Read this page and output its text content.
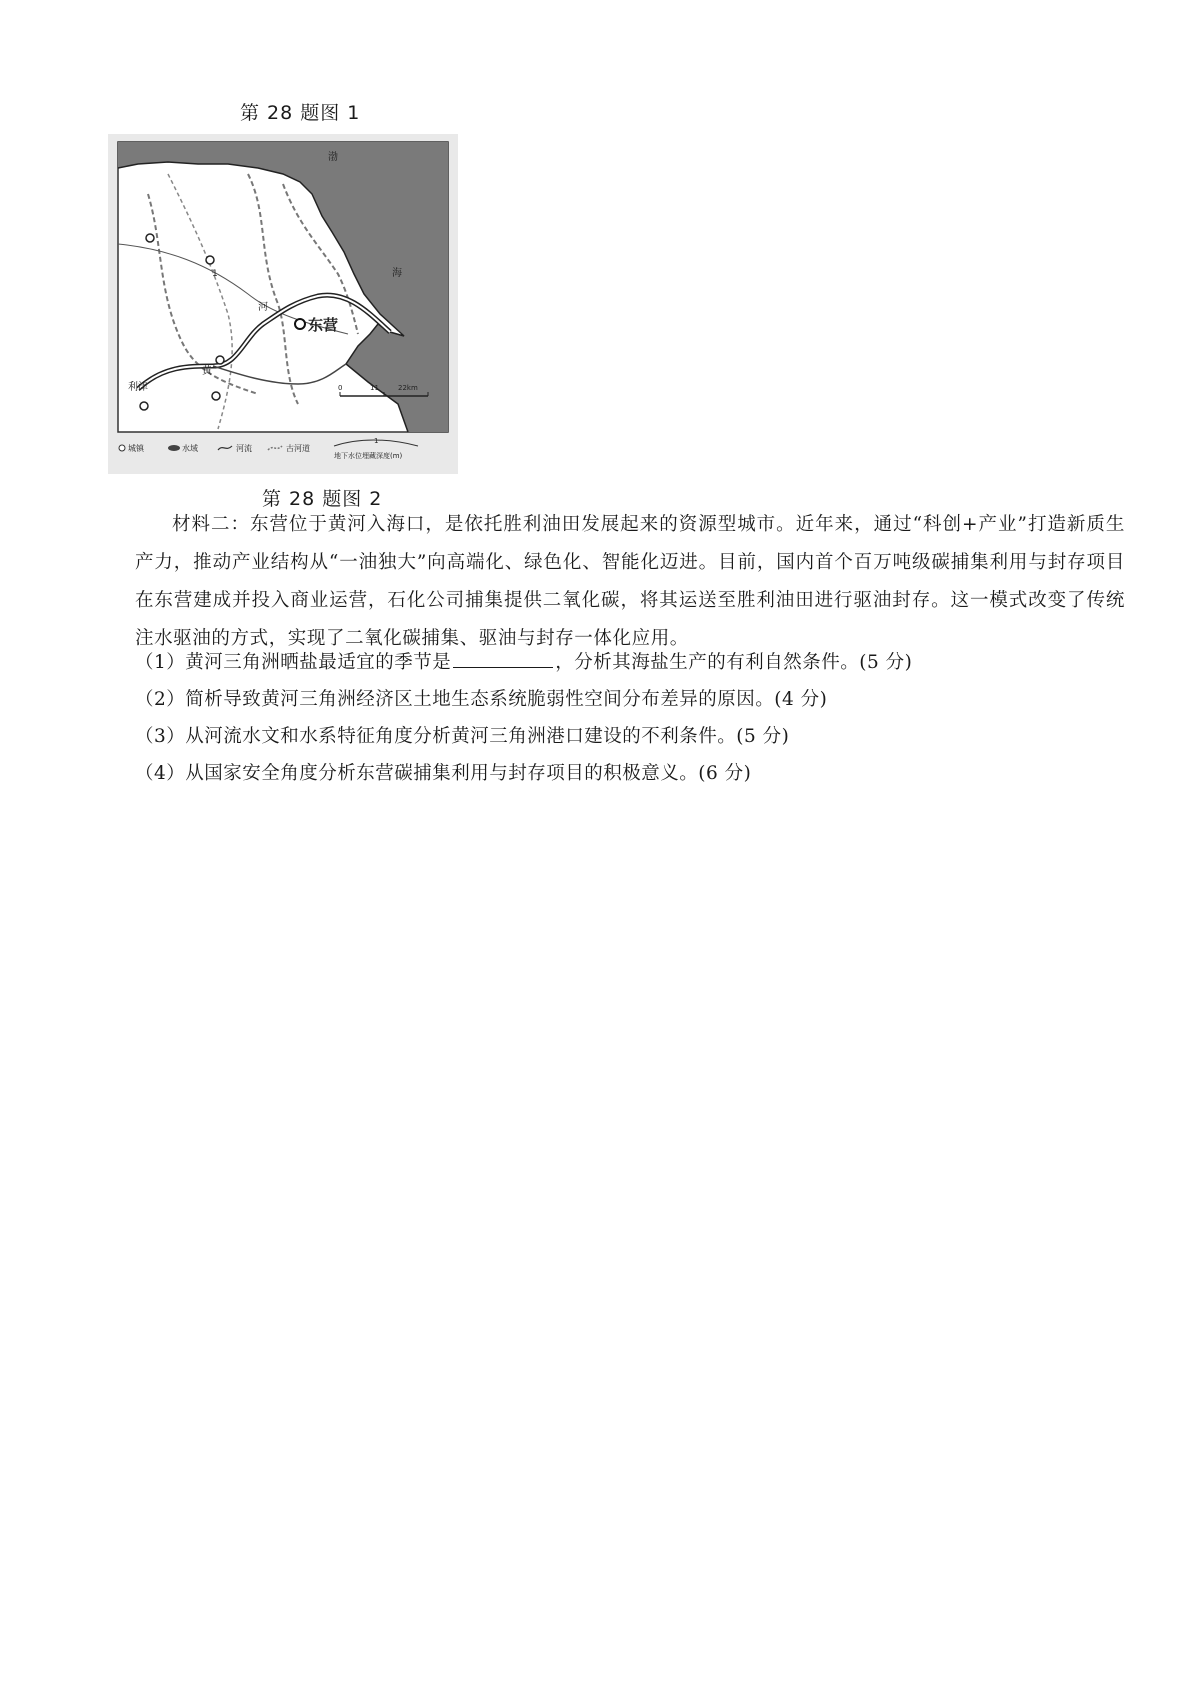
第 28 题图 1
东营
利津
渤
海
河
黄
1
0	11	22km
城镇	水域	河流	古河道
1
地下水位埋藏深度(m)
第 28 题图 2
材料二：东营位于黄河入海口，是依托胜利油田发展起来的资源型城市。近年来，通过“科创+产业”打造新质生产力，推动产业结构从“一油独大”向高端化、绿色化、智能化迈进。目前，国内首个百万吨级碳捕集利用与封存项目在东营建成并投入商业运营，石化公司捕集提供二氧化碳，将其运送至胜利油田进行驱油封存。这一模式改变了传统注水驱油的方式，实现了二氧化碳捕集、驱油与封存一体化应用。
（1）黄河三角洲晒盐最适宜的季节是	，分析其海盐生产的有利自然条件。(5 分)
（2）简析导致黄河三角洲经济区土地生态系统脆弱性空间分布差异的原因。(4 分)
（3）从河流水文和水系特征角度分析黄河三角洲港口建设的不利条件。(5 分)
（4）从国家安全角度分析东营碳捕集利用与封存项目的积极意义。(6 分)
